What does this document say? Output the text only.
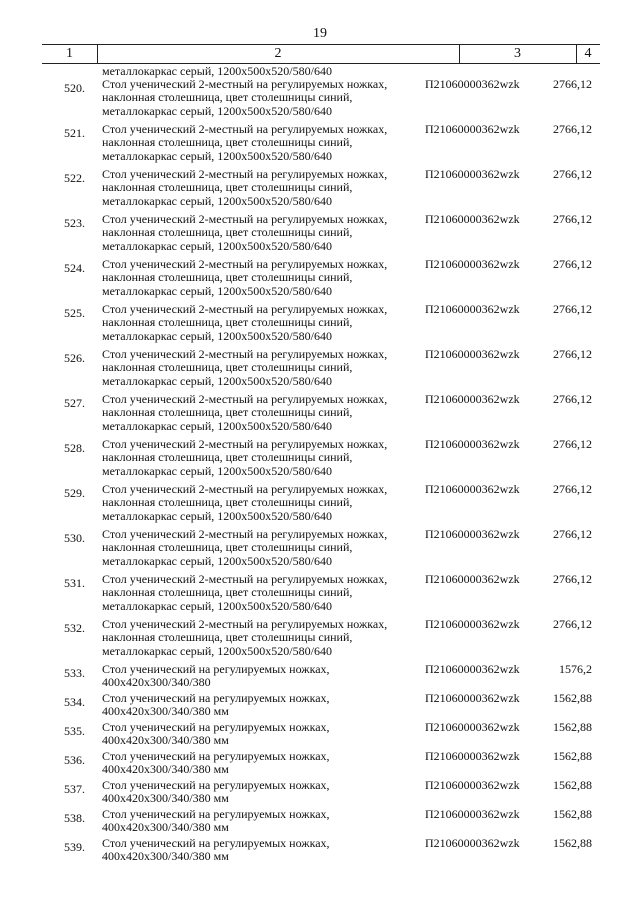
19
1	2	3	4
металлокаркас серый, 1200x500x520/580/640
520. Стол ученический 2-местный на регулируемых ножках,
наклонная столешница, цвет столешницы синий,
металлокаркас серый, 1200x500x520/580/640
П21060000362wzk	2766,12
521. Стол ученический 2-местный на регулируемых ножках,
наклонная столешница, цвет столешницы синий,
металлокаркас серый, 1200x500x520/580/640
П21060000362wzk	2766,12
522. Стол ученический 2-местный на регулируемых ножках,
наклонная столешница, цвет столешницы синий,
металлокаркас серый, 1200x500x520/580/640
П21060000362wzk	2766,12
523. Стол ученический 2-местный на регулируемых ножках,
наклонная столешница, цвет столешницы синий,
металлокаркас серый, 1200x500x520/580/640
П21060000362wzk	2766,12
524. Стол ученический 2-местный на регулируемых ножках,
наклонная столешница, цвет столешницы синий,
металлокаркас серый, 1200x500x520/580/640
П21060000362wzk	2766,12
525. Стол ученический 2-местный на регулируемых ножках,
наклонная столешница, цвет столешницы синий,
металлокаркас серый, 1200x500x520/580/640
П21060000362wzk	2766,12
526. Стол ученический 2-местный на регулируемых ножках,
наклонная столешница, цвет столешницы синий,
металлокаркас серый, 1200x500x520/580/640
П21060000362wzk	2766,12
527. Стол ученический 2-местный на регулируемых ножках,
наклонная столешница, цвет столешницы синий,
металлокаркас серый, 1200x500x520/580/640
П21060000362wzk	2766,12
528. Стол ученический 2-местный на регулируемых ножках,
наклонная столешница, цвет столешницы синий,
металлокаркас серый, 1200x500x520/580/640
П21060000362wzk	2766,12
529. Стол ученический 2-местный на регулируемых ножках,
наклонная столешница, цвет столешницы синий,
металлокаркас серый, 1200x500x520/580/640
П21060000362wzk	2766,12
530. Стол ученический 2-местный на регулируемых ножках,
наклонная столешница, цвет столешницы синий,
металлокаркас серый, 1200x500x520/580/640
П21060000362wzk	2766,12
531. Стол ученический 2-местный на регулируемых ножках,
наклонная столешница, цвет столешницы синий,
металлокаркас серый, 1200x500x520/580/640
П21060000362wzk	2766,12
532. Стол ученический 2-местный на регулируемых ножках,
наклонная столешница, цвет столешницы синий,
металлокаркас серый, 1200x500x520/580/640
П21060000362wzk	2766,12
533. Стол ученический на регулируемых ножках,
400x420x300/340/380
П21060000362wzk	1576,2
534. Стол ученический на регулируемых ножках,
400x420x300/340/380 мм
П21060000362wzk	1562,88
535. Стол ученический на регулируемых ножках,
400x420x300/340/380 мм
П21060000362wzk	1562,88
536. Стол ученический на регулируемых ножках,
400x420x300/340/380 мм
П21060000362wzk	1562,88
537. Стол ученический на регулируемых ножках,
400x420x300/340/380 мм
П21060000362wzk	1562,88
538. Стол ученический на регулируемых ножках,
400x420x300/340/380 мм
П21060000362wzk	1562,88
539. Стол ученический на регулируемых ножках,
400x420x300/340/380 мм
П21060000362wzk	1562,88
